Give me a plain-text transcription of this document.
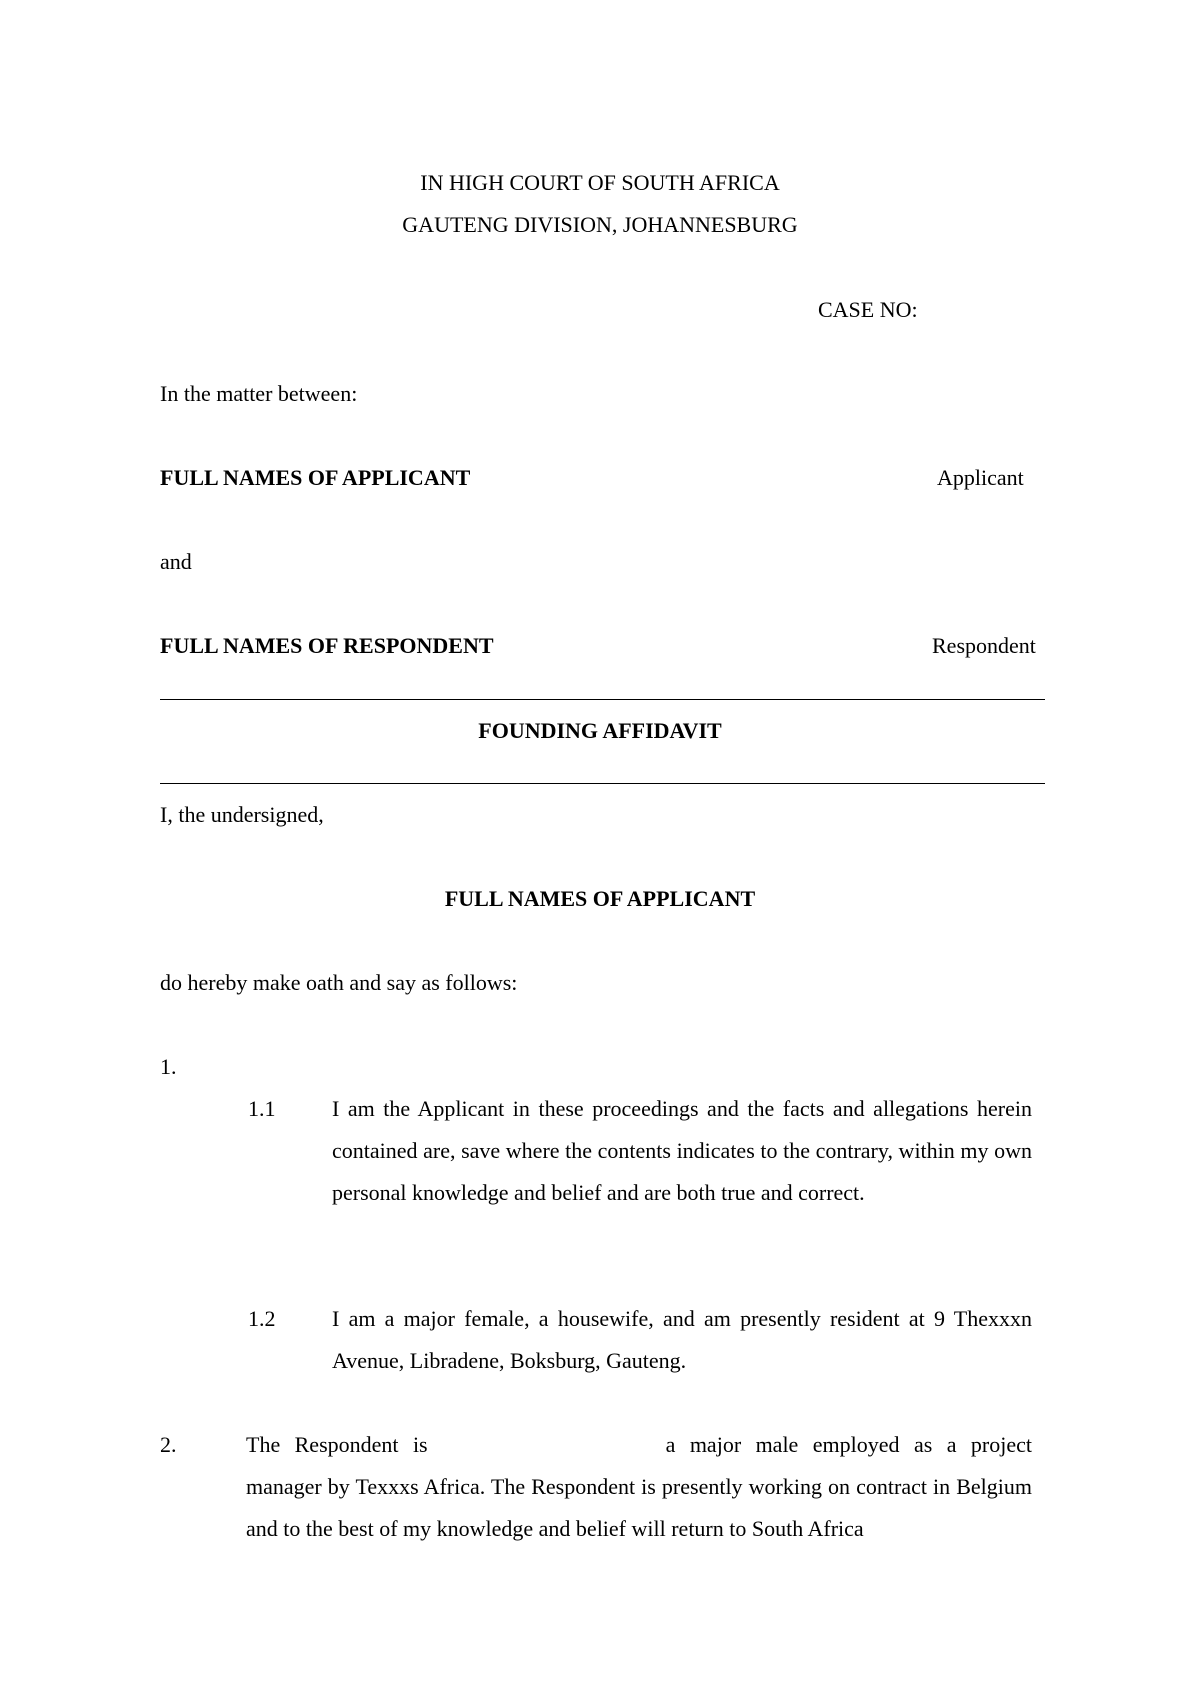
IN HIGH COURT OF SOUTH AFRICA
GAUTENG DIVISION, JOHANNESBURG
CASE NO:
In the matter between:
FULL NAMES OF APPLICANT	Applicant
and
FULL NAMES OF RESPONDENT	Respondent
FOUNDING AFFIDAVIT
I, the undersigned,
FULL NAMES OF APPLICANT
do hereby make oath and say as follows:
1.
1.1	I am the Applicant in these proceedings and the facts and allegations herein contained are, save where the contents indicates to the contrary, within my own personal knowledge and belief and are both true and correct.
1.2	I am a major female, a housewife, and am presently resident at 9 Thexxxn Avenue, Libradene, Boksburg, Gauteng.
2.	The Respondent is	a major male employed as a project manager by Texxxs Africa. The Respondent is presently working on contract in Belgium and to the best of my knowledge and belief will return to South Africa
